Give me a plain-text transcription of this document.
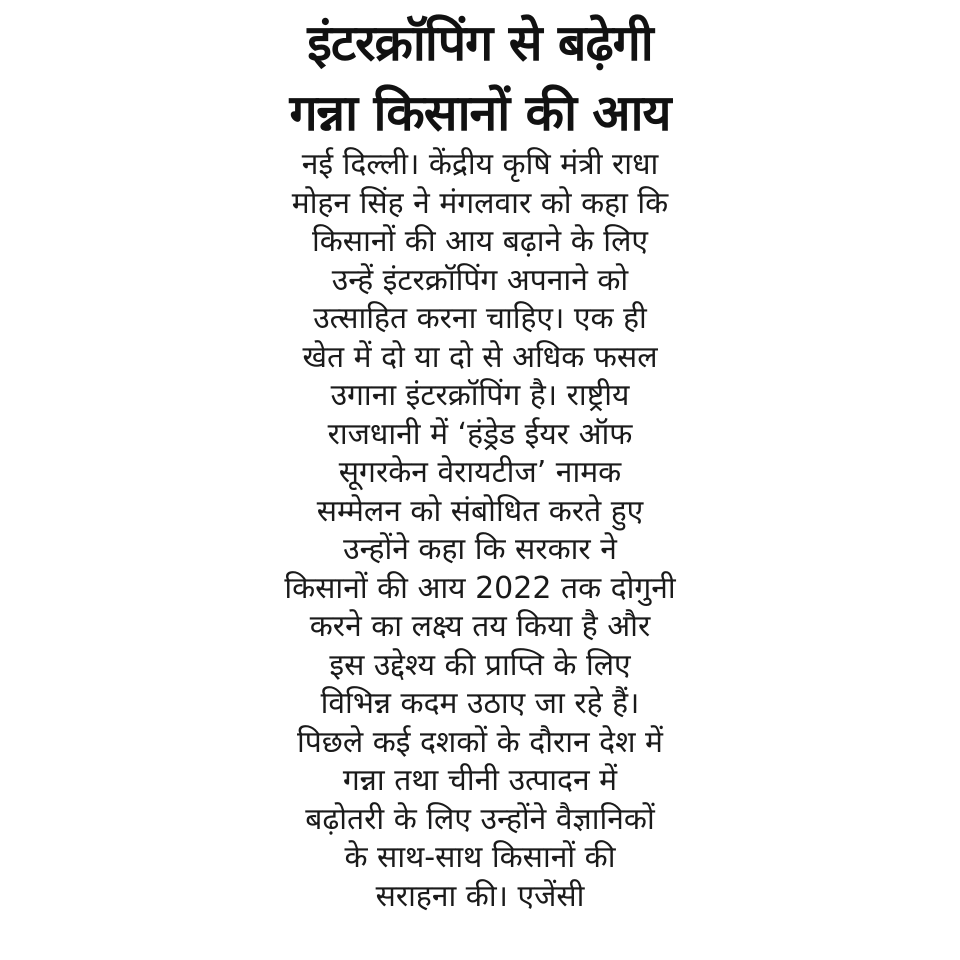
इंटरक्रॉपिंग से बढ़ेगी
गन्ना किसानों की आय
नई दिल्ली। केंद्रीय कृषि मंत्री राधा
मोहन सिंह ने मंगलवार को कहा कि
किसानों की आय बढ़ाने के लिए
उन्हें इंटरक्रॉपिंग अपनाने को
उत्साहित करना चाहिए। एक ही
खेत में दो या दो से अधिक फसल
उगाना इंटरक्रॉपिंग है। राष्ट्रीय
राजधानी में ‘हंड्रेड ईयर ऑफ
सूगरकेन वेरायटीज’ नामक
सम्मेलन को संबोधित करते हुए
उन्होंने कहा कि सरकार ने
किसानों की आय 2022 तक दोगुनी
करने का लक्ष्य तय किया है और
इस उद्देश्य की प्राप्ति के लिए
विभिन्न कदम उठाए जा रहे हैं।
पिछले कई दशकों के दौरान देश में
गन्ना तथा चीनी उत्पादन में
बढ़ोतरी के लिए उन्होंने वैज्ञानिकों
के साथ-साथ किसानों की
सराहना की। एजेंसी
